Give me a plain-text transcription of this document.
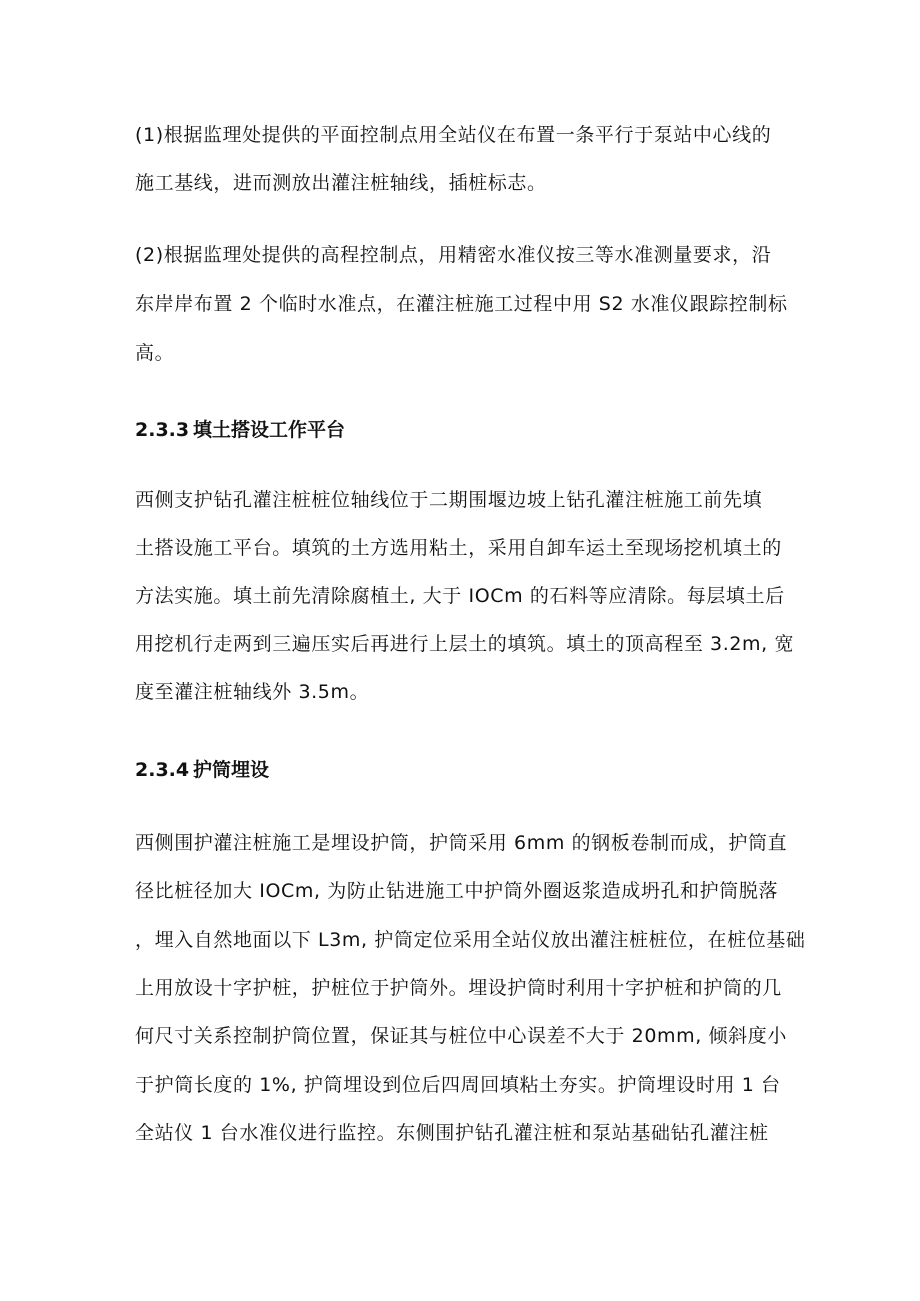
(1)根据监理处提供的平面控制点用全站仪在布置一条平行于泵站中心线的
施工基线，进而测放出灌注桩轴线，插桩标志。
(2)根据监理处提供的高程控制点，用精密水准仪按三等水准测量要求，沿
东岸岸布置 2 个临时水准点，在灌注桩施工过程中用 S2 水准仪跟踪控制标
高。
2.3.3 填土搭设工作平台
西侧支护钻孔灌注桩桩位轴线位于二期围堰边坡上钻孔灌注桩施工前先填
土搭设施工平台。填筑的土方选用粘土，采用自卸车运土至现场挖机填土的
方法实施。填土前先清除腐植土, 大于 IOCm 的石料等应清除。每层填土后
用挖机行走两到三遍压实后再进行上层土的填筑。填土的顶高程至 3.2m, 宽
度至灌注桩轴线外 3.5m。
2.3.4 护筒埋设
西侧围护灌注桩施工是埋设护筒，护筒采用 6mm 的钢板卷制而成，护筒直
径比桩径加大 IOCm, 为防止钻进施工中护筒外圈返浆造成坍孔和护筒脱落
，埋入自然地面以下 L3m, 护筒定位采用全站仪放出灌注桩桩位，在桩位基础
上用放设十字护桩，护桩位于护筒外。埋设护筒时利用十字护桩和护筒的几
何尺寸关系控制护筒位置，保证其与桩位中心误差不大于 20mm, 倾斜度小
于护筒长度的 1%, 护筒埋设到位后四周回填粘土夯实。护筒埋设时用 1 台
全站仪 1 台水准仪进行监控。东侧围护钻孔灌注桩和泵站基础钻孔灌注桩
